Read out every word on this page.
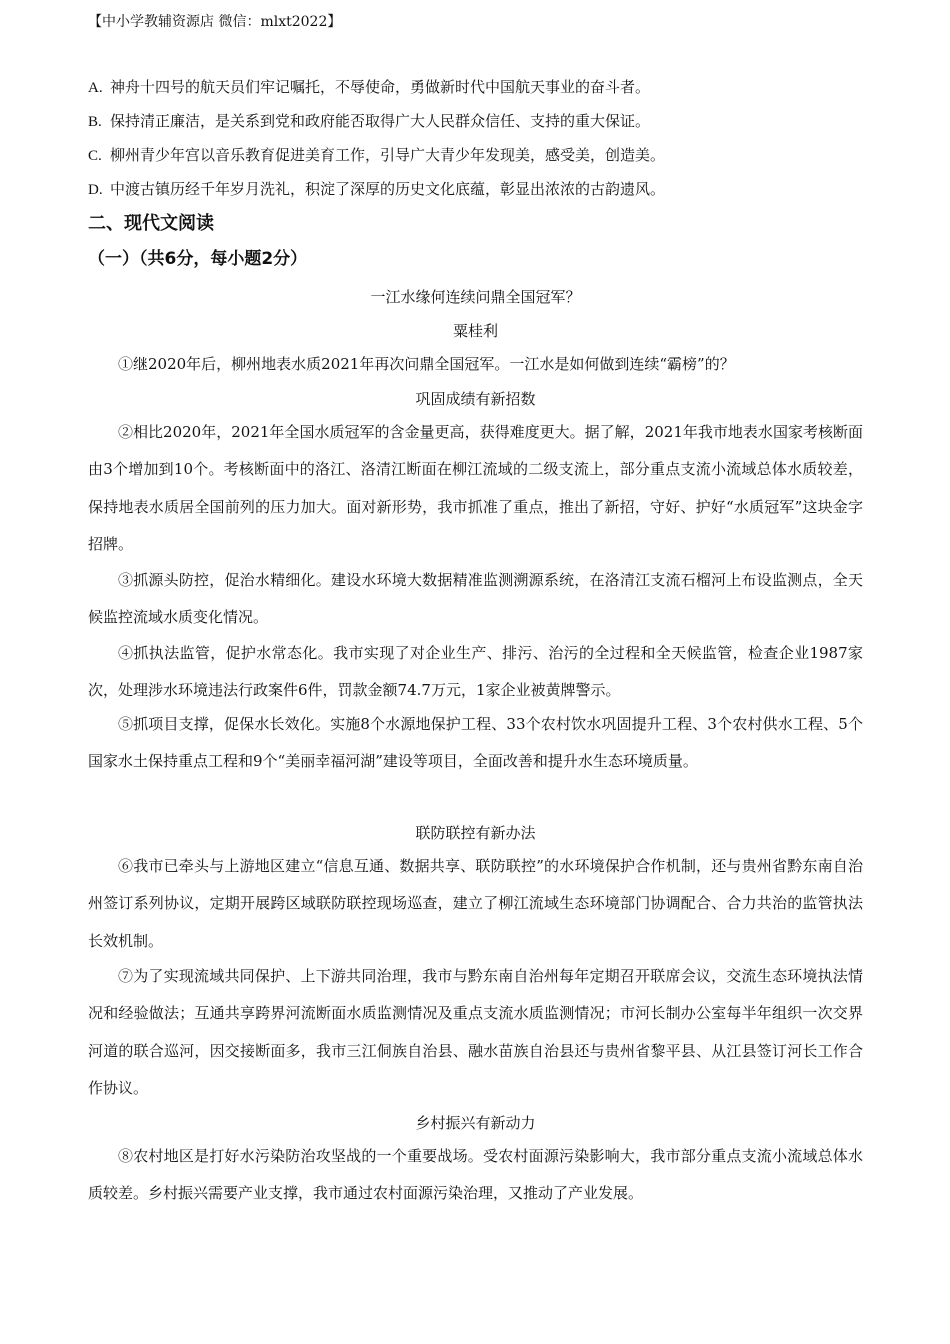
【中小学教辅资源店 微信：mlxt2022】
A. 神舟十四号的航天员们牢记嘱托，不辱使命，勇做新时代中国航天事业的奋斗者。
B. 保持清正廉洁，是关系到党和政府能否取得广大人民群众信任、支持的重大保证。
C. 柳州青少年宫以音乐教育促进美育工作，引导广大青少年发现美，感受美，创造美。
D. 中渡古镇历经千年岁月洗礼，积淀了深厚的历史文化底蕴，彰显出浓浓的古韵遗风。
二、现代文阅读
（一）（共6分，每小题2分）
一江水缘何连续问鼎全国冠军？
粟桂利
①继2020年后，柳州地表水质2021年再次问鼎全国冠军。一江水是如何做到连续“霸榜”的？
巩固成绩有新招数
②相比2020年，2021年全国水质冠军的含金量更高，获得难度更大。据了解，2021年我市地表水国家考核断面由3个增加到10个。考核断面中的洛江、洛清江断面在柳江流域的二级支流上，部分重点支流小流域总体水质较差，保持地表水质居全国前列的压力加大。面对新形势，我市抓准了重点，推出了新招，守好、护好“水质冠军”这块金字招牌。
③抓源头防控，促治水精细化。建设水环境大数据精准监测溯源系统，在洛清江支流石榴河上布设监测点，全天候监控流域水质变化情况。
④抓执法监管，促护水常态化。我市实现了对企业生产、排污、治污的全过程和全天候监管，检查企业1987家次，处理涉水环境违法行政案件6件，罚款金额74.7万元，1家企业被黄牌警示。
⑤抓项目支撑，促保水长效化。实施8个水源地保护工程、33个农村饮水巩固提升工程、3个农村供水工程、5个国家水土保持重点工程和9个“美丽幸福河湖”建设等项目，全面改善和提升水生态环境质量。
联防联控有新办法
⑥我市已牵头与上游地区建立“信息互通、数据共享、联防联控”的水环境保护合作机制，还与贵州省黔东南自治州签订系列协议，定期开展跨区域联防联控现场巡查，建立了柳江流域生态环境部门协调配合、合力共治的监管执法长效机制。
⑦为了实现流域共同保护、上下游共同治理，我市与黔东南自治州每年定期召开联席会议，交流生态环境执法情况和经验做法；互通共享跨界河流断面水质监测情况及重点支流水质监测情况；市河长制办公室每半年组织一次交界河道的联合巡河，因交接断面多，我市三江侗族自治县、融水苗族自治县还与贵州省黎平县、从江县签订河长工作合作协议。
乡村振兴有新动力
⑧农村地区是打好水污染防治攻坚战的一个重要战场。受农村面源污染影响大，我市部分重点支流小流域总体水质较差。乡村振兴需要产业支撑，我市通过农村面源污染治理，又推动了产业发展。
